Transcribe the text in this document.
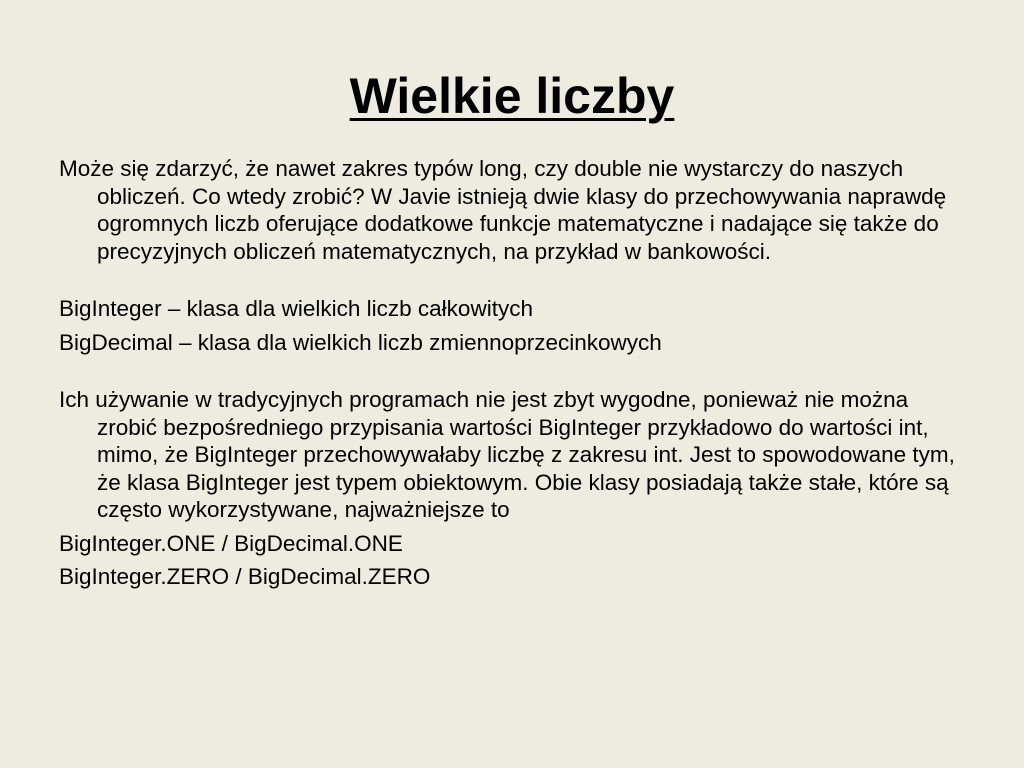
Wielkie liczby

Może się zdarzyć, że nawet zakres typów long, czy double nie wystarczy do naszych obliczeń. Co wtedy zrobić? W Javie istnieją dwie klasy do przechowywania naprawdę ogromnych liczb oferujące dodatkowe funkcje matematyczne i nadające się także do precyzyjnych obliczeń matematycznych, na przykład w bankowości.

BigInteger – klasa dla wielkich liczb całkowitych

BigDecimal – klasa dla wielkich liczb zmiennoprzecinkowych

Ich używanie w tradycyjnych programach nie jest zbyt wygodne, ponieważ nie można zrobić bezpośredniego przypisania wartości BigInteger przykładowo do wartości int, mimo, że BigInteger przechowywałaby liczbę z zakresu int. Jest to spowodowane tym, że klasa BigInteger jest typem obiektowym. Obie klasy posiadają także stałe, które są często wykorzystywane, najważniejsze to

BigInteger.ONE / BigDecimal.ONE

BigInteger.ZERO / BigDecimal.ZERO
